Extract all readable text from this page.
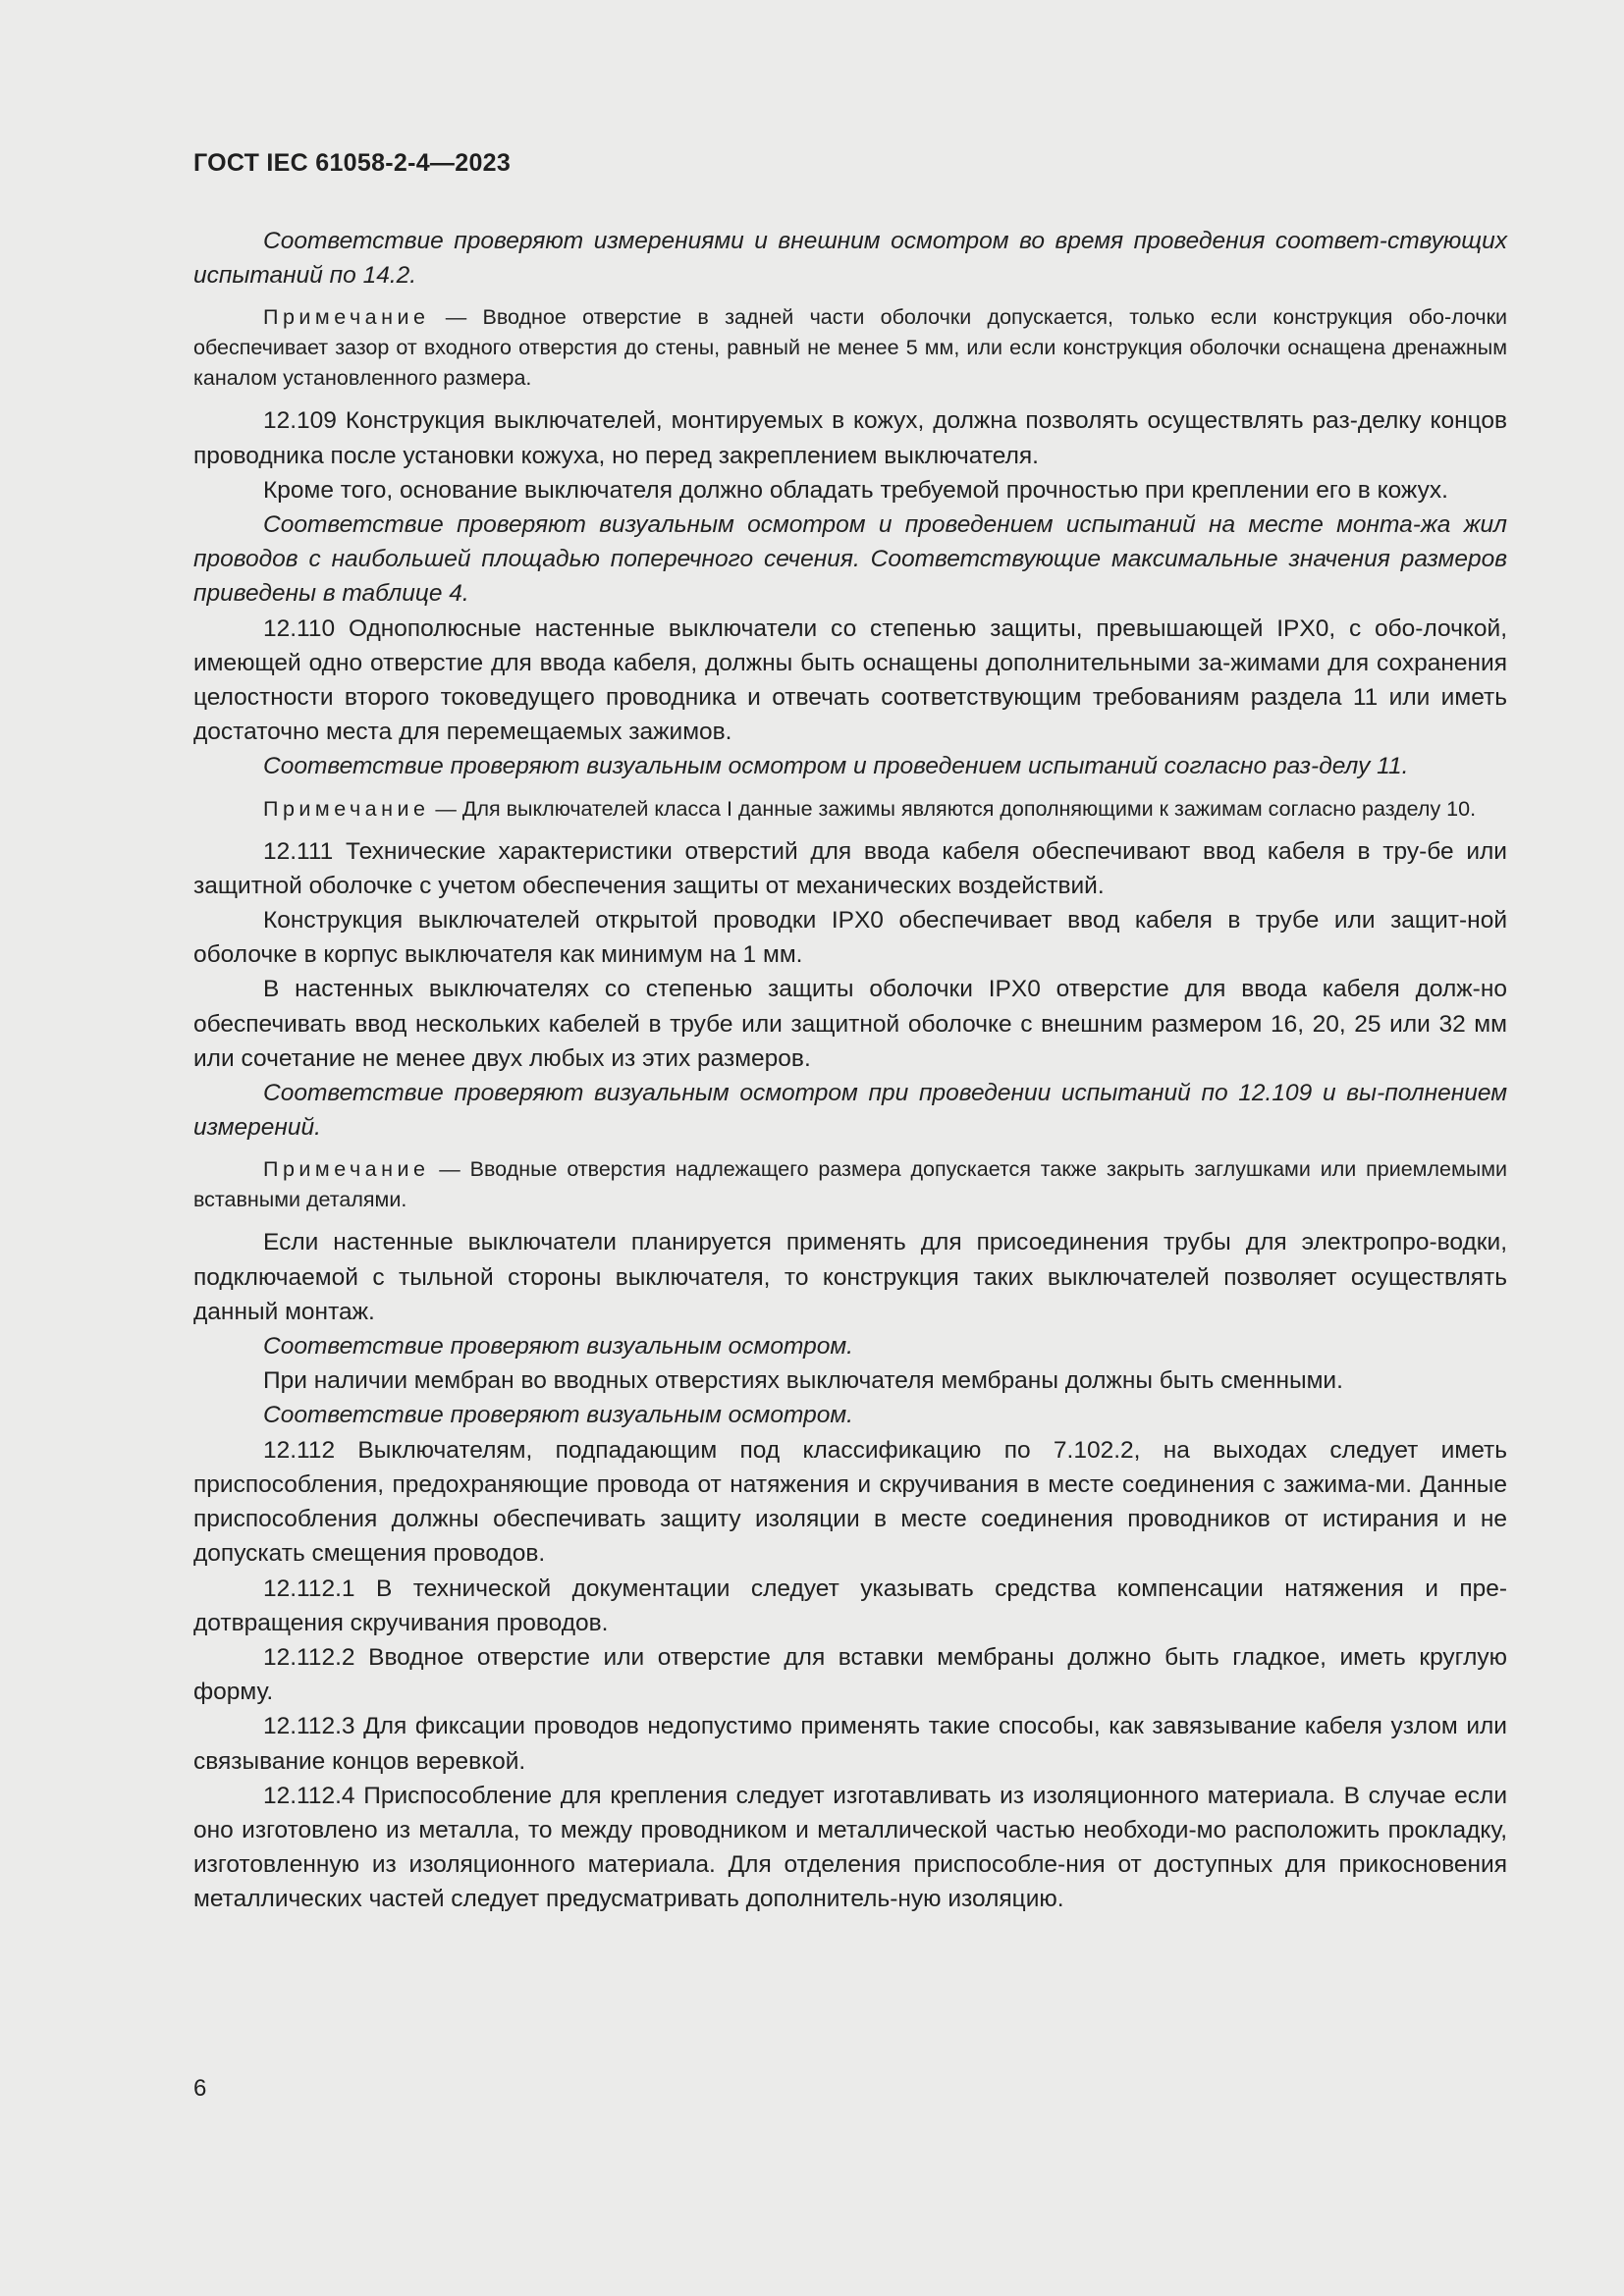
ГОСТ IEC 61058-2-4—2023

Соответствие проверяют измерениями и внешним осмотром во время проведения соответ-ствующих испытаний по 14.2.

Примечание — Вводное отверстие в задней части оболочки допускается, только если конструкция обо-лочки обеспечивает зазор от входного отверстия до стены, равный не менее 5 мм, или если конструкция оболочки оснащена дренажным каналом установленного размера.

12.109 Конструкция выключателей, монтируемых в кожух, должна позволять осуществлять раз-делку концов проводника после установки кожуха, но перед закреплением выключателя.

Кроме того, основание выключателя должно обладать требуемой прочностью при креплении его в кожух.

Соответствие проверяют визуальным осмотром и проведением испытаний на месте монта-жа жил проводов с наибольшей площадью поперечного сечения. Соответствующие максимальные значения размеров приведены в таблице 4.

12.110 Однополюсные настенные выключатели со степенью защиты, превышающей IPX0, с обо-лочкой, имеющей одно отверстие для ввода кабеля, должны быть оснащены дополнительными за-жимами для сохранения целостности второго токоведущего проводника и отвечать соответствующим требованиям раздела 11 или иметь достаточно места для перемещаемых зажимов.

Соответствие проверяют визуальным осмотром и проведением испытаний согласно раз-делу 11.

Примечание — Для выключателей класса I данные зажимы являются дополняющими к зажимам согласно разделу 10.

12.111 Технические характеристики отверстий для ввода кабеля обеспечивают ввод кабеля в тру-бе или защитной оболочке с учетом обеспечения защиты от механических воздействий.

Конструкция выключателей открытой проводки IPX0 обеспечивает ввод кабеля в трубе или защит-ной оболочке в корпус выключателя как минимум на 1 мм.

В настенных выключателях со степенью защиты оболочки IPX0 отверстие для ввода кабеля долж-но обеспечивать ввод нескольких кабелей в трубе или защитной оболочке с внешним размером 16, 20, 25 или 32 мм или сочетание не менее двух любых из этих размеров.

Соответствие проверяют визуальным осмотром при проведении испытаний по 12.109 и вы-полнением измерений.

Примечание — Вводные отверстия надлежащего размера допускается также закрыть заглушками или приемлемыми вставными деталями.

Если настенные выключатели планируется применять для присоединения трубы для электропро-водки, подключаемой с тыльной стороны выключателя, то конструкция таких выключателей позволяет осуществлять данный монтаж.

Соответствие проверяют визуальным осмотром.

При наличии мембран во вводных отверстиях выключателя мембраны должны быть сменными.

Соответствие проверяют визуальным осмотром.

12.112 Выключателям, подпадающим под классификацию по 7.102.2, на выходах следует иметь приспособления, предохраняющие провода от натяжения и скручивания в месте соединения с зажима-ми. Данные приспособления должны обеспечивать защиту изоляции в месте соединения проводников от истирания и не допускать смещения проводов.

12.112.1 В технической документации следует указывать средства компенсации натяжения и пре-дотвращения скручивания проводов.

12.112.2 Вводное отверстие или отверстие для вставки мембраны должно быть гладкое, иметь круглую форму.

12.112.3 Для фиксации проводов недопустимо применять такие способы, как завязывание кабеля узлом или связывание концов веревкой.

12.112.4 Приспособление для крепления следует изготавливать из изоляционного материала. В случае если оно изготовлено из металла, то между проводником и металлической частью необходи-мо расположить прокладку, изготовленную из изоляционного материала. Для отделения приспособле-ния от доступных для прикосновения металлических частей следует предусматривать дополнитель-ную изоляцию.

6
